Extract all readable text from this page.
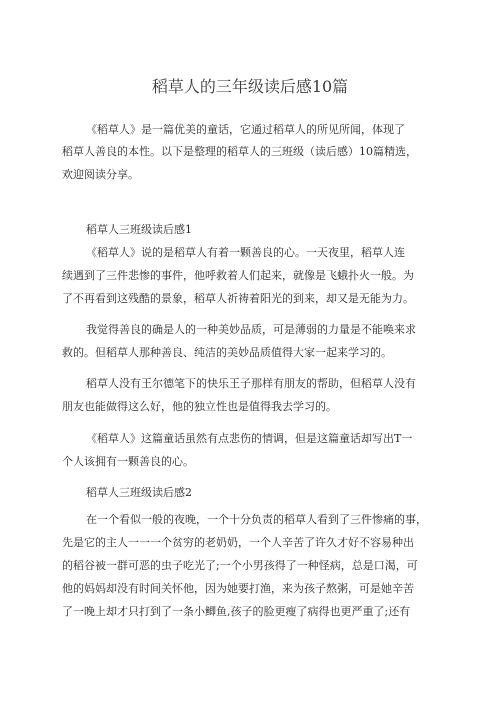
稻草人的三年级读后感10篇

《稻草人》是一篇优美的童话，它通过稻草人的所见所闻，体现了

稻草人善良的本性。以下是整理的稻草人的三班级（读后感）10篇精选，

欢迎阅读分享。

稻草人三班级读后感1

《稻草人》说的是稻草人有着一颗善良的心。一天夜里，稻草人连

续遇到了三件悲惨的事件，他呼救着人们起来，就像是飞蛾扑火一般。为

了不再看到这残酷的景象，稻草人祈祷着阳光的到来，却又是无能为力。

我觉得善良的确是人的一种美妙品质，可是薄弱的力量是不能唤来求

救的。但稻草人那种善良、纯洁的美妙品质值得大家一起来学习的。

稻草人没有王尔德笔下的快乐王子那样有朋友的帮助，但稻草人没有

朋友也能做得这么好，他的独立性也是值得我去学习的。

《稻草人》这篇童话虽然有点悲伤的情调，但是这篇童话却写出T一

个人该拥有一颗善良的心。

稻草人三班级读后感2

在一个看似一般的夜晚，一个十分负责的稻草人看到了三件惨痛的事，

先是它的主人一一一个贫穷的老奶奶，一个人辛苦了许久才好不容易种出

的稻谷被一群可恶的虫子吃光了;一个小男孩得了一种怪病，总是口渴，可

他的妈妈却没有时间关怀他，因为她要打渔，来为孩子熬粥，可是她辛苦

了一晚上却才只打到了一条小鲫鱼,孩子的脸更瘦了病得也更严重了;还有
